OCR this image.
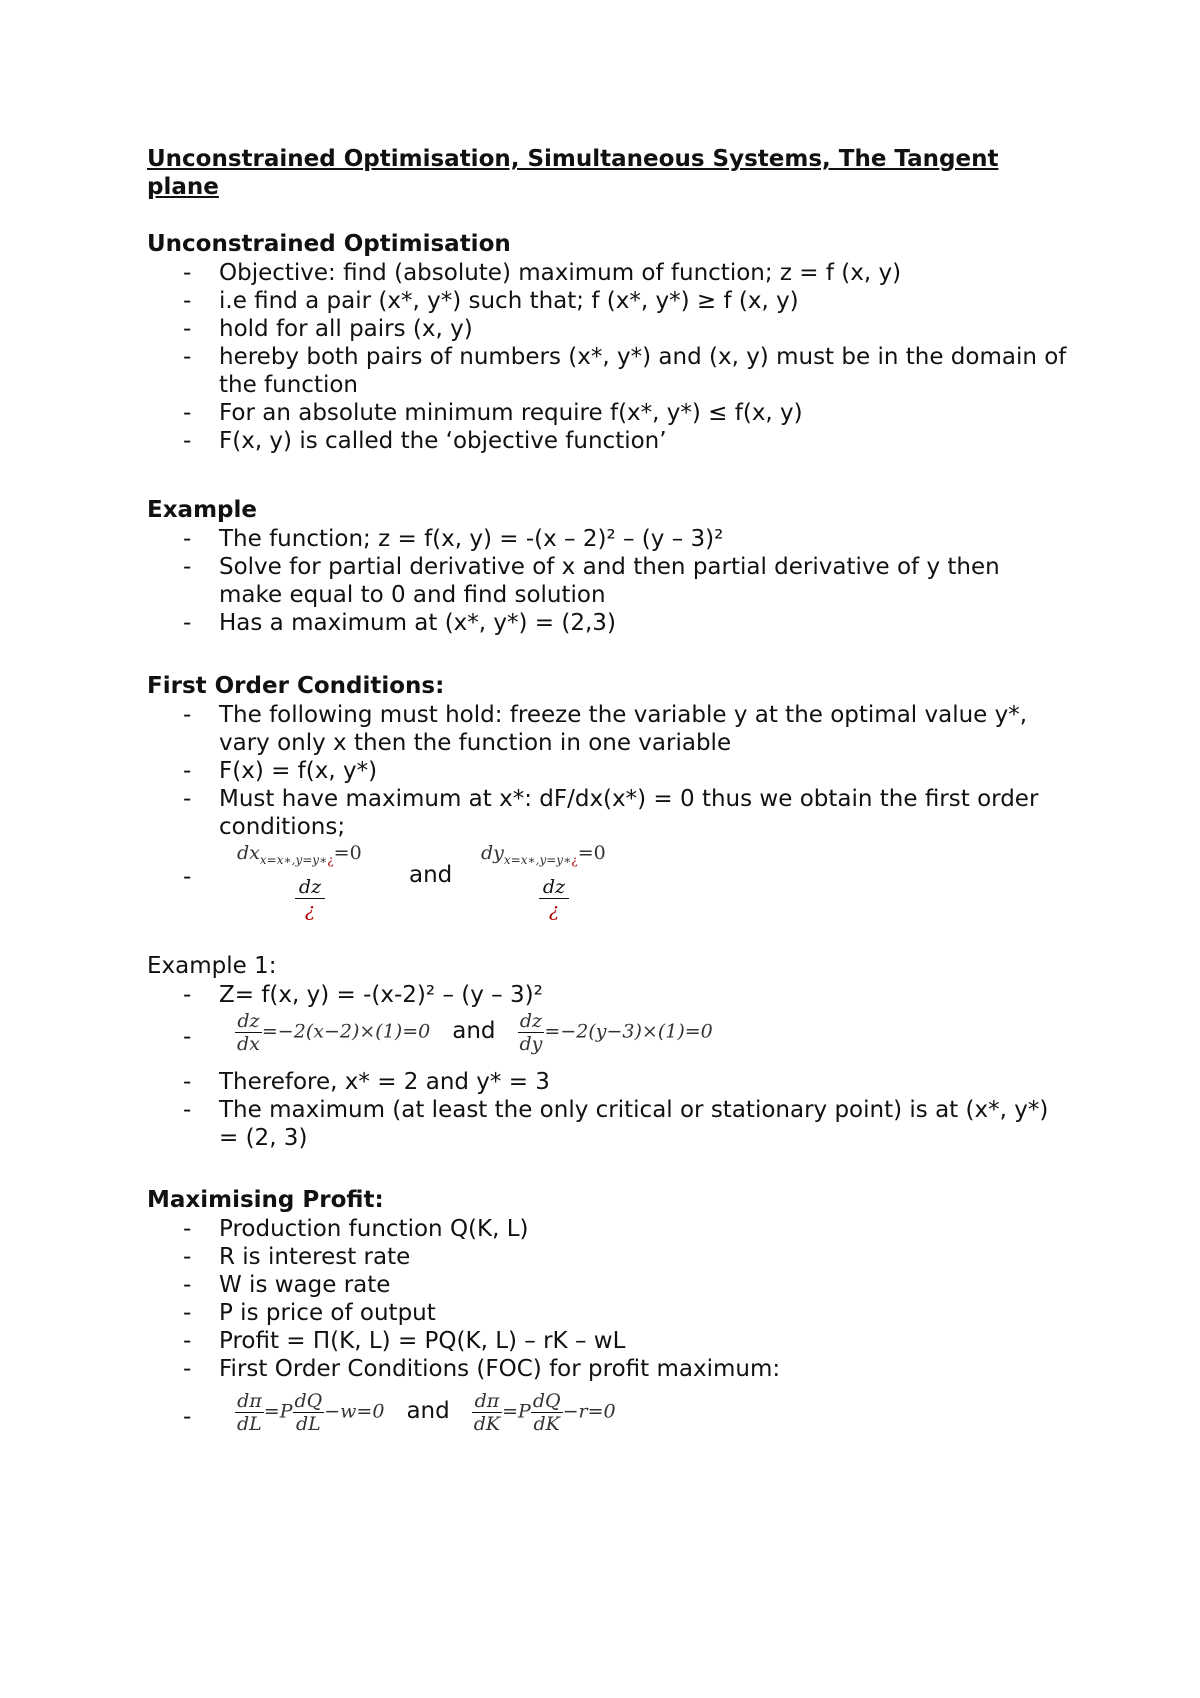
Unconstrained Optimisation, Simultaneous Systems, The Tangent plane

Unconstrained Optimisation

- Objective: find (absolute) maximum of function; z = f (x, y)
- i.e find a pair (x*, y*) such that; f (x*, y*) ≥ f (x, y)
- hold for all pairs (x, y)
- hereby both pairs of numbers (x*, y*) and (x, y) must be in the domain of the function
- For an absolute minimum require f(x*, y*) ≤ f(x, y)
- F(x, y) is called the ‘objective function’

Example

- The function; z = f(x, y) = -(x – 2)² – (y – 3)²
- Solve for partial derivative of x and then partial derivative of y then make equal to 0 and find solution
- Has a maximum at (x*, y*) = (2,3)

First Order Conditions:

- The following must hold: freeze the variable y at the optimal value y*, vary only x then the function in one variable
- F(x) = f(x, y*)
- Must have maximum at x*: dF/dx(x*) = 0 thus we obtain the first order conditions;
-
$dx_{x=x∗,y=y∗¿}=0$
dz
¿
and
$dy_{x=x∗,y=y∗¿}=0$
dz
¿

Example 1:

- Z= f(x, y) = -(x-2)² – (y – 3)²
- $\frac{dz}{dx} =-2(x-2)\times(1)=0$ and $\frac{dz}{dy} =-2(y-3)\times(1)=0$
- Therefore, x* = 2 and y* = 3
- The maximum (at least the only critical or stationary point) is at (x*, y*) = (2, 3)

Maximising Profit:

- Production function Q(K, L)
- R is interest rate
- W is wage rate
- P is price of output
- Profit = Π(K, L) = PQ(K, L) – rK – wL
- First Order Conditions (FOC) for profit maximum:
- $\frac{d\pi}{dL} =P \frac{dQ}{dL} -w=0$ and $\frac{d\pi}{dK} =P \frac{dQ}{dK} -r=0$
